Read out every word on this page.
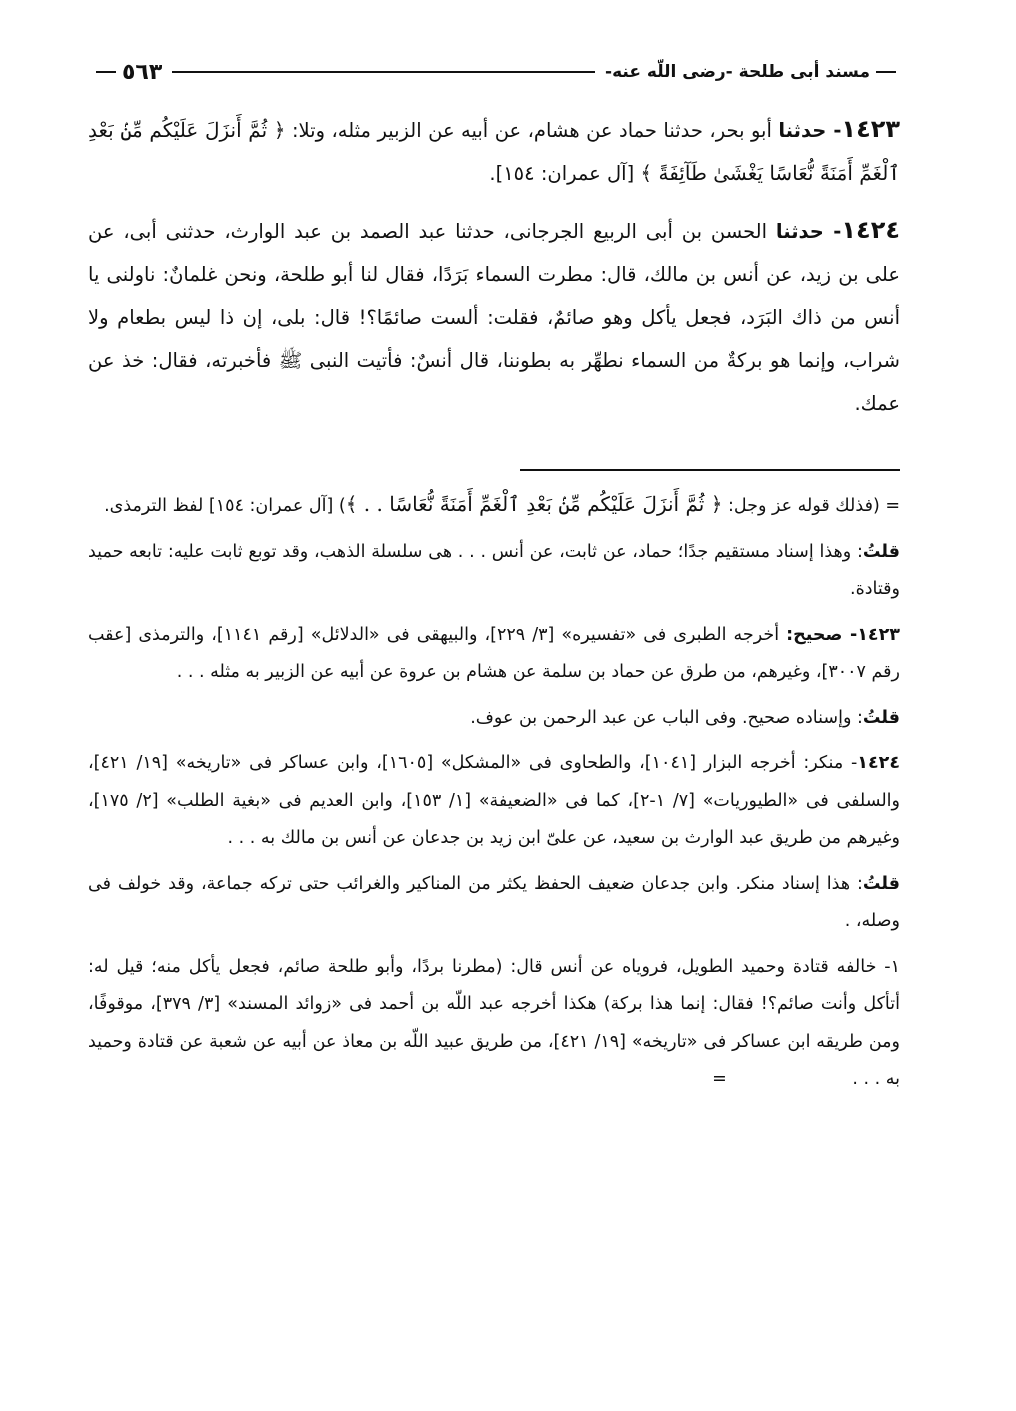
مسند أبى طلحة -رضى اللّه عنه-
٥٦٣

١٤٢٣- حدثنا أبو بحر، حدثنا حماد عن هشام، عن أبيه عن الزبير مثله، وتلا: ﴿ ثُمَّ أَنزَلَ عَلَيْكُم مِّنۢ بَعْدِ ٱلْغَمِّ أَمَنَةً نُّعَاسًا يَغْشَىٰ طَآئِفَةً ﴾ [آل عمران: ١٥٤].

١٤٢٤- حدثنا الحسن بن أبى الربيع الجرجانى، حدثنا عبد الصمد بن عبد الوارث، حدثنى أبى، عن على بن زيد، عن أنس بن مالك، قال: مطرت السماء بَرَدًا، فقال لنا أبو طلحة، ونحن غلمانٌ: ناولنى يا أنس من ذاك البَرَد، فجعل يأكل وهو صائمٌ، فقلت: ألست صائمًا؟! قال: بلى، إن ذا ليس بطعام ولا شراب، وإنما هو بركةٌ من السماء نطهِّر به بطوننا، قال أنسٌ: فأتيت النبى ﷺ فأخبرته، فقال: خذ عن عمك.

= (فذلك قوله عز وجل: ﴿ ثُمَّ أَنزَلَ عَلَيْكُم مِّنۢ بَعْدِ ٱلْغَمِّ أَمَنَةً نُّعَاسًا . . ﴾) [آل عمران: ١٥٤] لفظ الترمذى.

قلتُ: وهذا إسناد مستقيم جدًا؛ حماد، عن ثابت، عن أنس . . . هى سلسلة الذهب، وقد توبع ثابت عليه: تابعه حميد وقتادة.

١٤٢٣- صحيح: أخرجه الطبرى فى «تفسيره» [٣/ ٢٢٩]، والبيهقى فى «الدلائل» [رقم ١١٤١]، والترمذى [عقب رقم ٣٠٠٧]، وغيرهم، من طرق عن حماد بن سلمة عن هشام بن عروة عن أبيه عن الزبير به مثله . . .

قلتُ: وإسناده صحيح. وفى الباب عن عبد الرحمن بن عوف.

١٤٢٤- منكر: أخرجه البزار [١٠٤١]، والطحاوى فى «المشكل» [١٦٠٥]، وابن عساكر فى «تاريخه» [١٩/ ٤٢١]، والسلفى فى «الطيوريات» [٧/ ١-٢]، كما فى «الضعيفة» [١/ ١٥٣]، وابن العديم فى «بغية الطلب» [٢/ ١٧٥]، وغيرهم من طريق عبد الوارث بن سعيد، عن علىّ ابن زيد بن جدعان عن أنس بن مالك به . . .

قلتُ: هذا إسناد منكر. وابن جدعان ضعيف الحفظ يكثر من المناكير والغرائب حتى تركه جماعة، وقد خولف فى وصله، .

١- خالفه قتادة وحميد الطويل، فروياه عن أنس قال: (مطرنا بردًا، وأبو طلحة صائم، فجعل يأكل منه؛ قيل له: أتأكل وأنت صائم؟! فقال: إنما هذا بركة) هكذا أخرجه عبد اللّه بن أحمد فى «زوائد المسند» [٣/ ٣٧٩]، موقوفًا، ومن طريقه ابن عساكر فى «تاريخه» [١٩/ ٤٢١]، من طريق عبيد اللّه بن معاذ عن أبيه عن شعبة عن قتادة وحميد به . . . =
